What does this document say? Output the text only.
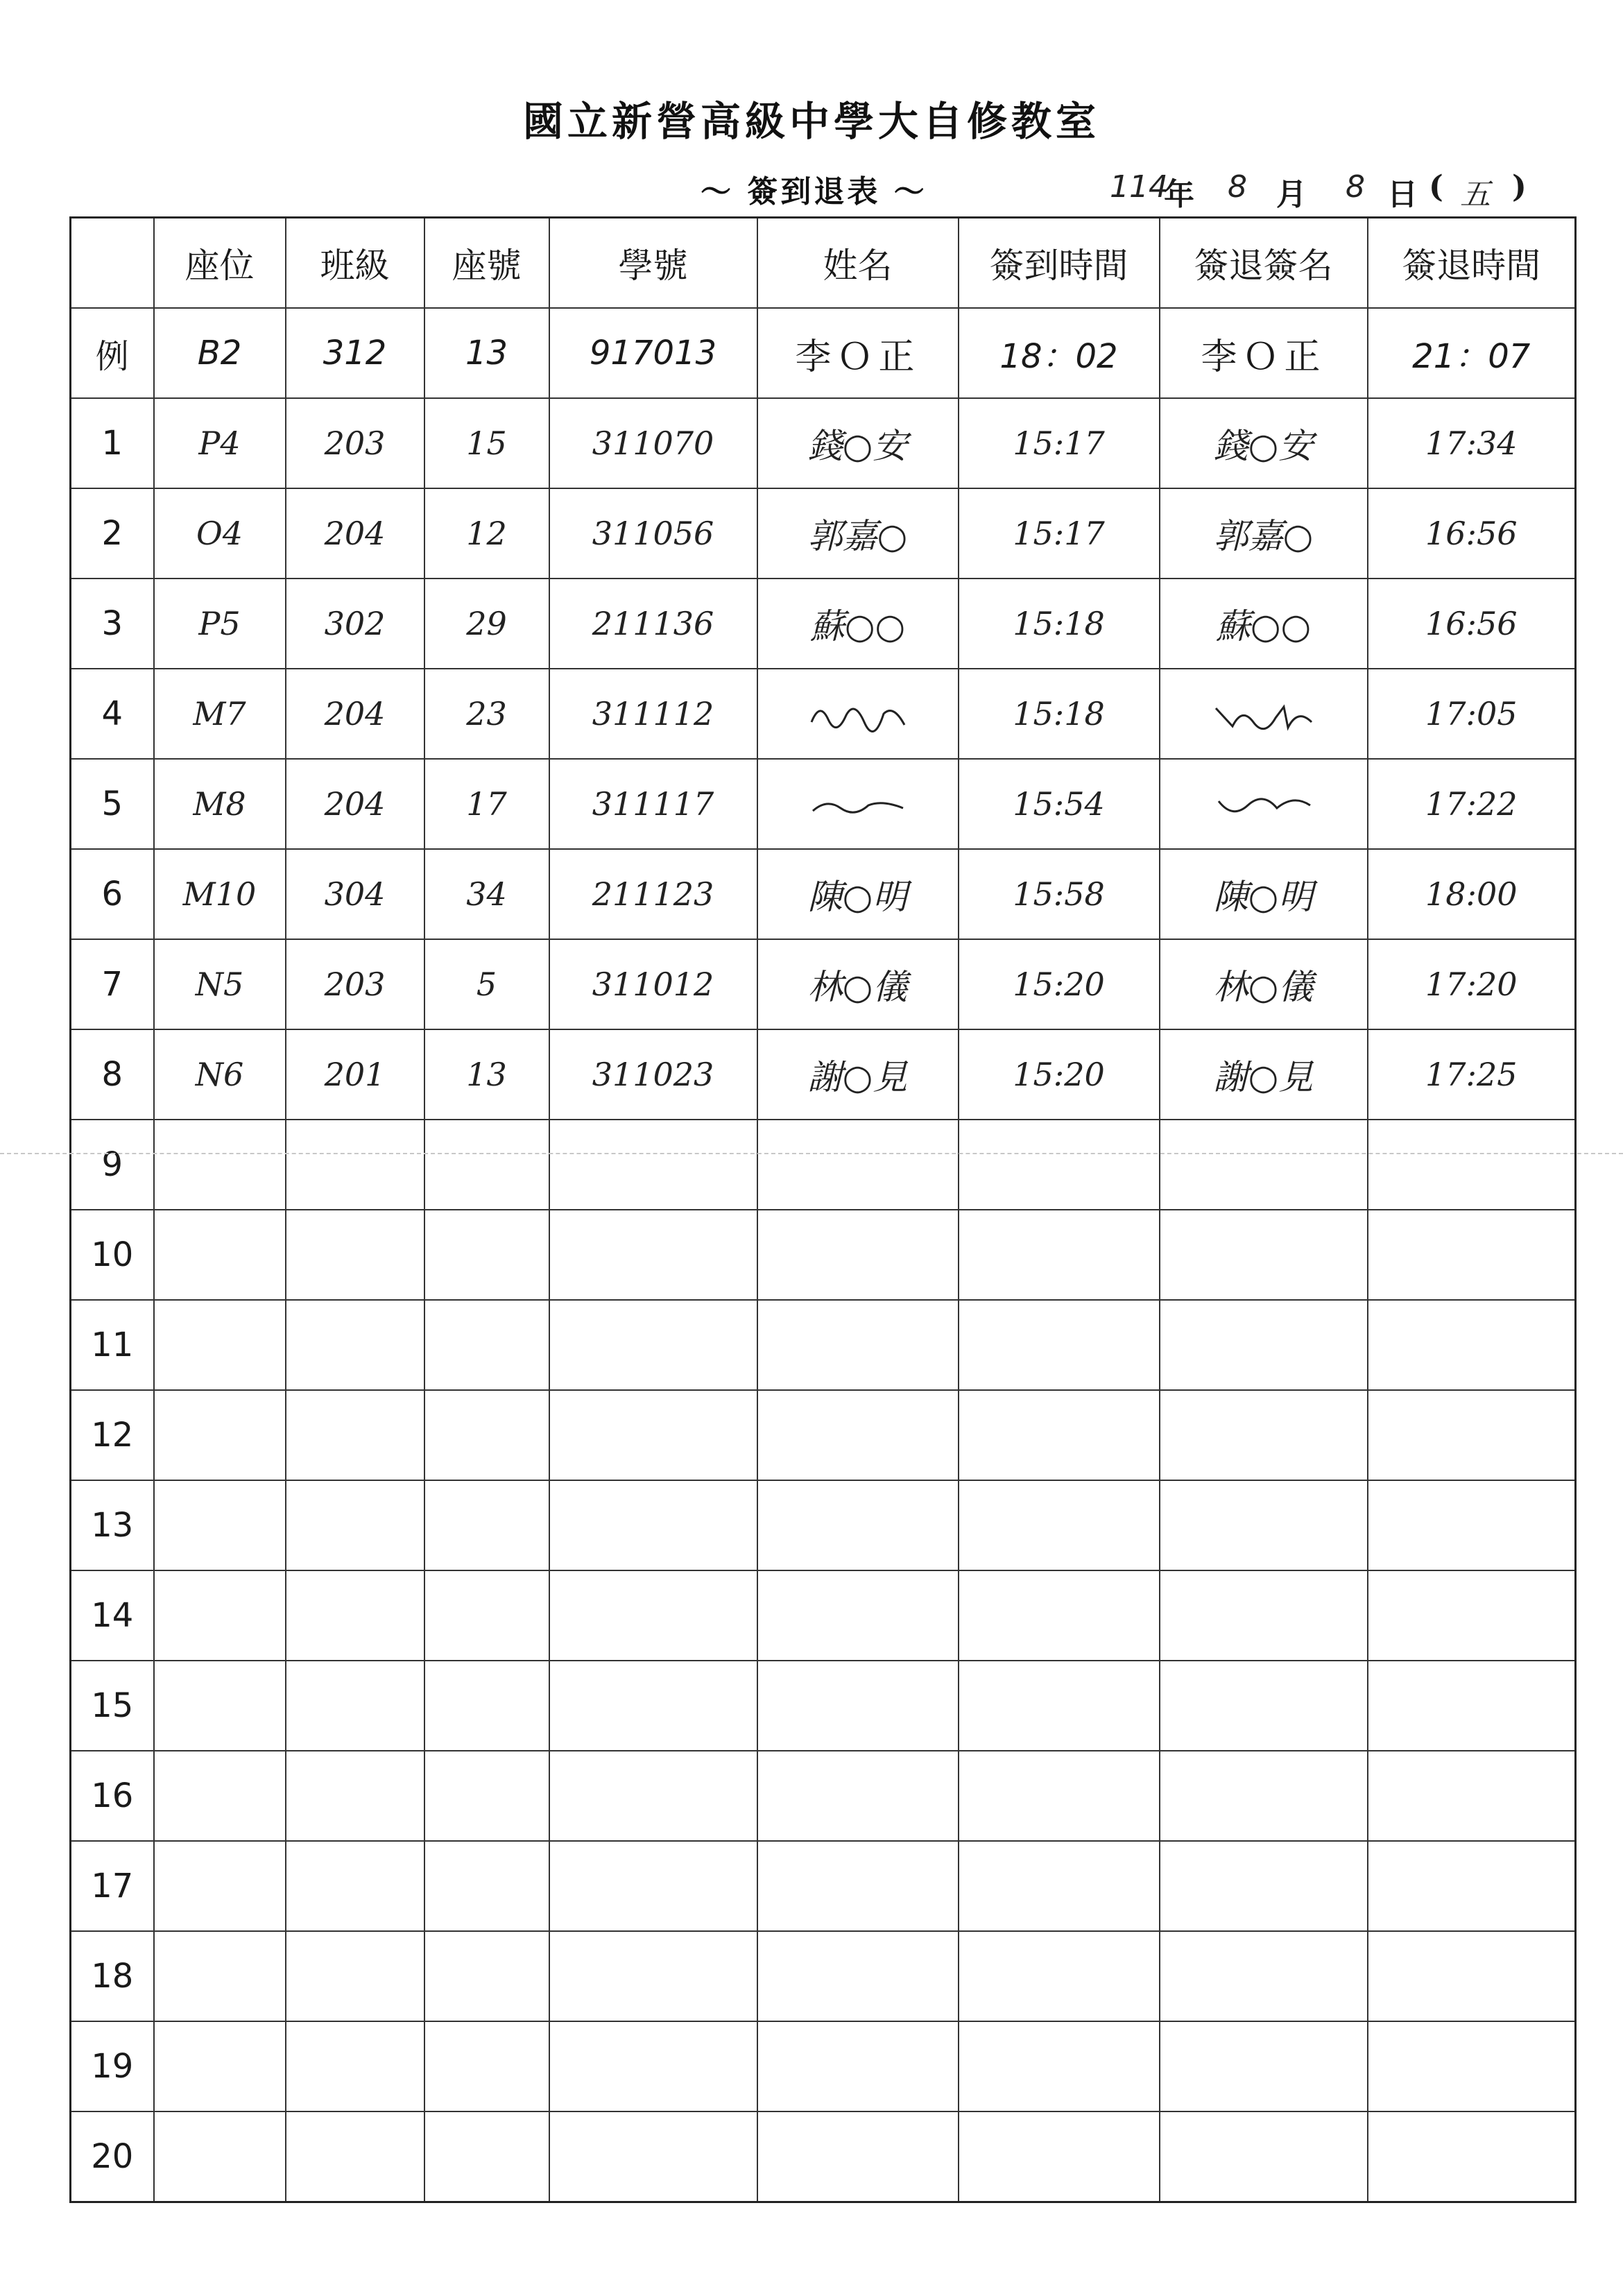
國立新營高級中學大自修教室
～ 簽到退表 ～	114
年 8 月 8 日 ( 五 )
	座位	班級	座號	學號	姓名	簽到時間	簽退簽名	簽退時間
例	B2	312	13	917013	李Ｏ正	18：02	李Ｏ正	21：07
1	P4	203	15	311070	錢○安	15:17	錢○安	17:34
2	O4	204	12	311056	郭嘉○	15:17	郭嘉○	16:56
3	P5	302	29	211136	蘇○○	15:18	蘇○○	16:56
4	M7	204	23	311112		15:18		17:05
5	M8	204	17	311117		15:54		17:22
6	M10	304	34	211123	陳○明	15:58	陳○明	18:00
7	N5	203	5	311012	林○儀	15:20	林○儀	17:20
8	N6	201	13	311023	謝○見	15:20	謝○見	17:25
9								
10								
11								
12								
13								
14								
15								
16								
17								
18								
19								
20								
